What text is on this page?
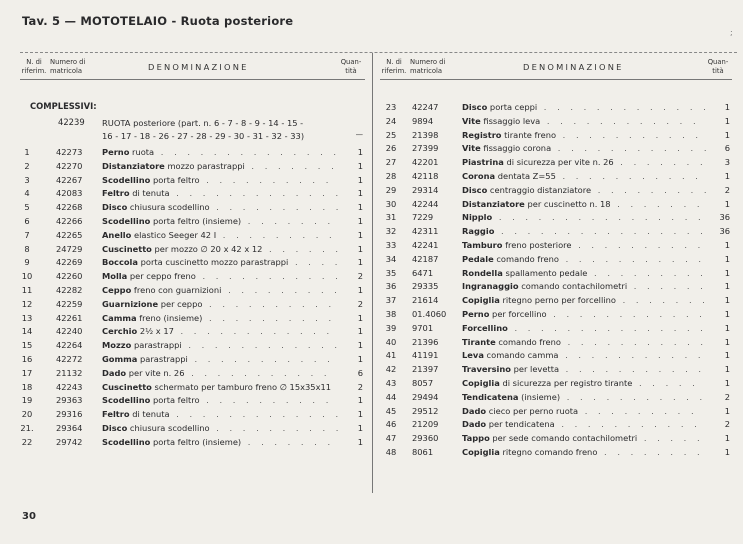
Tav. 5 — MOTOTELAIO - Ruota posteriore
;
N. di
riferim.
Numero di
matricola	DENOMINAZIONE	Quan-
tità
COMPLESSIVI:
42239 RUOTA posteriore (part. n. 6 - 7 - 8 - 9 - 14 - 15 -
16 - 17 - 18 - 26 - 27 - 28 - 29 - 30 - 31 - 32 - 33)	—
1	42273 Perno ruota . . . . . . . . . . . . . .	1
2	42270 Distanziatore mozzo parastrappi . . . . . . .	1
3	42267 Scodellino porta feltro . . . . . . . . . .	1
4	42083 Feltro di tenuta . . . . . . . . . . . . .	1
5	42268 Disco chiusura scodellino . . . . . . . . . .	1
6	42266 Scodellino porta feltro (insieme) . . . . . . .	1
7	42265 Anello elastico Seeger 42 I . . . . . . . . .	1
8	24729 Cuscinetto per mozzo ∅ 20 x 42 x 12 . . . . . .	1
9	42269 Boccola porta cuscinetto mozzo parastrappi . . . .	1
10	42260 Molla per ceppo freno . . . . . . . . . . .	2
11	42282 Ceppo freno con guarnizioni . . . . . . . . .	1
12	42259 Guarnizione per ceppo . . . . . . . . . .	2
13	42261 Camma freno (insieme) . . . . . . . . . .	1
14	42240 Cerchio 2½ x 17 . . . . . . . . . . . .	1
15	42264 Mozzo parastrappi . . . . . . . . . . . .	1
16	42272 Gomma parastrappi . . . . . . . . . . .	1
17	21132 Dado per vite n. 26 . . . . . . . . . . .	6
18	42243 Cuscinetto schermato per tamburo freno ∅ 15x35x11	2
19	29363 Scodellino porta feltro . . . . . . . . . .	1
20	29316 Feltro di tenuta . . . . . . . . . . . . .	1
21.	29364 Disco chiusura scodellino . . . . . . . . . .	1
22	29742 Scodellino porta feltro (insieme) . . . . . . .	1
N. di
riferim.
Numero di
matricola	DENOMINAZIONE	Quan-
tità
23	42247	Disco porta ceppi . . . . . . . . . . . . .	1
24	9894	Vite fissaggio leva . . . . . . . . . . . .	1
25	21398	Registro tirante freno . . . . . . . . . . .	1
26	27399	Vite fissaggio corona . . . . . . . . . . . .	6
27	42201	Piastrina di sicurezza per vite n. 26 . . . . . . .	3
28	42118	Corona dentata Z=55 . . . . . . . . . . .	1
29	29314	Disco centraggio distanziatore . . . . . . . . .	2
30	42244	Distanziatore per cuscinetto n. 18 . . . . . . .	1
31	7229	Nipplo . . . . . . . . . . . . . . . .	36
32	42311	Raggio . . . . . . . . . . . . . . . .	36
33	42241	Tamburo freno posteriore . . . . . . . . . .	1
34	42187	Pedale comando freno . . . . . . . . . . .	1
35	6471	Rondella spallamento pedale . . . . . . . . .	1
36	29335	Ingranaggio comando contachilometri . . . . . .	1
37	21614	Copiglia ritegno perno per forcellino . . . . . . .	1
38	01.4060 Perno per forcellino . . . . . . . . . . . .	1
39	9701	Forcellino . . . . . . . . . . . . . . .	1
40	21396	Tirante comando freno . . . . . . . . . . .	1
41	41191	Leva comando camma . . . . . . . . . . .	1
42	21397	Traversino per levetta . . . . . . . . . . .	1
43	8057	Copiglia di sicurezza per registro tirante . . . . .	1
44	29494	Tendicatena (insieme) . . . . . . . . . . .	2
45	29512	Dado cieco per perno ruota . . . . . . . . .	1
46	21209	Dado per tendicatena . . . . . . . . . . .	2
47	29360	Tappo per sede comando contachilometri . . . . .	1
48	8061	Copiglia ritegno comando freno . . . . . . . .	1
30
